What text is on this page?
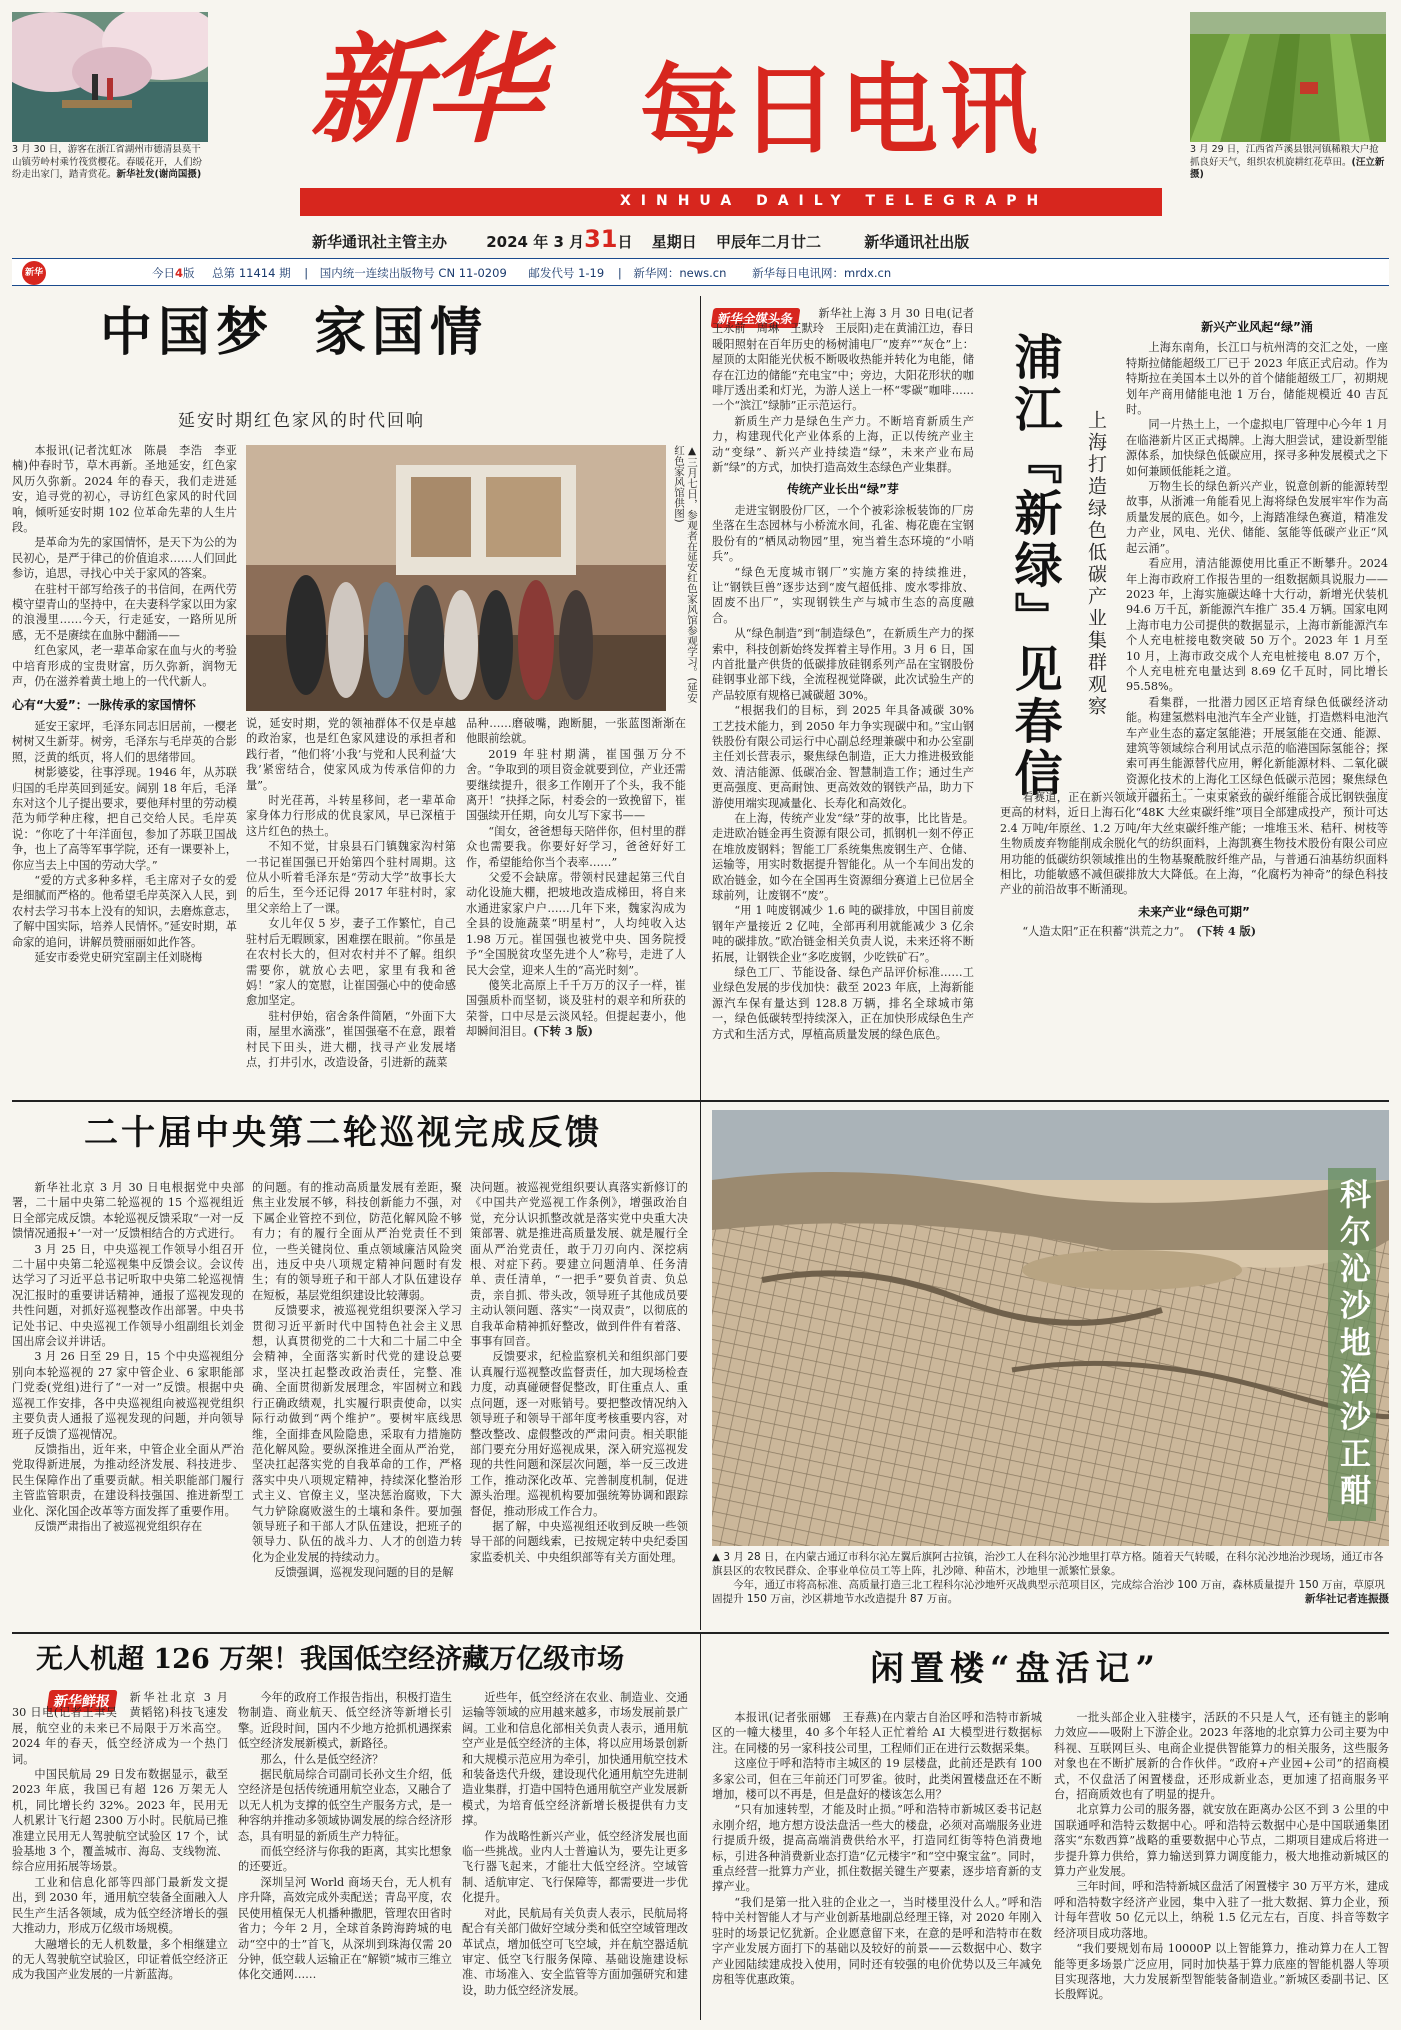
3 月 30 日，游客在浙江省湖州市德清县莫干山镇劳岭村乘竹筏赏樱花。春暖花开，人们纷纷走出家门，踏青赏花。新华社发(谢尚国摄)
3 月 29 日，江西省芦溪县银河镇稀粮大户抢抓良好天气，组织农机旋耕红花草田。(汪立新摄)
新华 每日电讯
XINHUA DAILY TELEGRAPH
新华通讯社主管主办	2024 年 3 月31日 星期日 甲辰年二月廿二	新华通讯社出版
新华	今日4版 总第 11414 期 | 国内统一连续出版物号 CN 11-0209 邮发代号 1-19 | 新华网：news.cn 新华每日电讯网：mrdx.cn
中国梦 家国情
延安时期红色家风的时代回响

本报讯(记者沈虹冰　陈晨　李浩　李亚楠)仲春时节，草木再新。圣地延安，红色家风历久弥新。2024 年的春天，我们走进延安，追寻党的初心，寻访红色家风的时代回响，倾听延安时期 102 位革命先辈的人生片段。

是革命为先的家国情怀，是天下为公的为民初心，是严于律己的价值追求……人们回此参访，追思，寻找心中关于家风的答案。

在驻村干部写给孩子的书信间，在两代劳模守望青山的坚持中，在夫妻科学家以田为家的浪漫里……今天，行走延安，一路所见所感，无不是赓续在血脉中翻涌——

红色家风，老一辈革命家在血与火的考验中培育形成的宝贵财富，历久弥新，润物无声，仍在滋养着黄土地上的一代代新人。

心有“大爱”：一脉传承的家国情怀

延安王家坪，毛泽东同志旧居前，一樱老树树又生新芽。树旁，毛泽东与毛岸英的合影照，泛黄的纸页，将人们的思绪带回。

树影婆娑，往事浮现。1946 年，从苏联归国的毛岸英回到延安。阔别 18 年后，毛泽东对这个儿子提出要求，要他拜村里的劳动模范为师学种庄稼，把自己交给人民。毛岸英说：“你吃了十年洋面包，参加了苏联卫国战争，也上了高等军事学院，还有一课要补上，你应当去上中国的劳动大学。”

“爱的方式多种多样，毛主席对子女的爱是细腻而严格的。他希望毛岸英深入人民，到农村去学习书本上没有的知识，去磨炼意志，了解中国实际，培养人民情怀。”延安时期，革命家的追问，讲解员赞丽丽如此作答。

延安市委党史研究室副主任刘晓梅

▲三月七日，参观者在延安红色家风馆参观学习。(延安红色家风馆供图)

说，延安时期，党的领袖群体不仅是卓越的政治家，也是红色家风建设的承担者和践行者，“他们将‘小我’与党和人民利益‘大我’紧密结合，使家风成为传承信仰的力量”。

时光荏苒，斗转星移间，老一辈革命家身体力行形成的优良家风，早已深植于这片红色的热土。

不知不觉，甘泉县石门镇魏家沟村第一书记崔国强已开始第四个驻村周期。这位从小听着毛泽东是“劳动大学”故事长大的后生，至今还记得 2017 年驻村时，家里父亲给上了一课。

女儿年仅 5 岁，妻子工作繁忙，自己驻村后无暇顾家，困难摆在眼前。“你虽是在农村长大的，但对农村并不了解。组织需要你，就放心去吧，家里有我和爸妈！”家人的宽慰，让崔国强心中的使命感愈加坚定。

驻村伊始，宿舍条件简陋，“外面下大雨，屋里水滴涨”，崔国强毫不在意，跟着村民下田头，进大棚，找寻产业发展堵点，打井引水，改造设备，引进新的蔬菜

品种……磨破嘴，跑断腿，一张蓝图渐渐在他眼前绘就。

2019 年驻村期满，崔国强万分不舍。“争取到的项目资金就要到位，产业还需要继续提升，很多工作刚开了个头，我不能离开！”抉择之际，村委会的一致挽留下，崔国强续开任期，向女儿写下家书——

“闺女，爸爸想每天陪伴你，但村里的群众也需要我。你要好好学习，爸爸好好工作，希望能给你当个表率……”

父爱不会缺席。带领村民建起第三代自动化设施大棚，把坡地改造成梯田，将自来水通进家家户户……几年下来，魏家沟成为全县的设施蔬菜“明星村”，人均纯收入达 1.98 万元。崔国强也被党中央、国务院授予“全国脱贫攻坚先进个人”称号，走进了人民大会堂，迎来人生的“高光时刻”。

傻笑北高原上千千万万的汉子一样，崔国强质朴而坚韧，谈及驻村的艰辛和所获的荣誉，口中尽是云淡风轻。但提起妻小，他却瞬间泪目。(下转 3 版)

新华全媒头条	新华社上海 3 月 30 日电(记者王永前　周琳　王默玲　王辰阳)走在黄浦江边，春日暖阳照射在百年历史的杨树浦电厂“废弃”“灰仓”上：屋顶的太阳能光伏板不断吸收热能并转化为电能，储存在江边的储能“充电宝”中；旁边，大阳花形状的咖啡厅透出柔和灯光，为游人送上一杯“零碳”咖啡……一个“滨江”绿肺”正示范运行。

新质生产力是绿色生产力。不断培育新质生产力，构建现代化产业体系的上海，正以传统产业主动“变绿”、新兴产业持续造“绿”，未来产业布局新“绿”的方式，加快打造高效生态绿色产业集群。

传统产业长出“绿”芽

走进宝钢股份厂区，一个个被彩涂板装饰的厂房坐落在生态园林与小桥流水间，孔雀、梅花鹿在宝钢股份有的“栖凤动物园”里，宛当着生态环境的“小哨兵”。

“绿色无度城市钢厂”实施方案的持续推进，让“钢铁巨兽”逐步达到“废气超低排、废水零排放、固废不出厂”，实现钢铁生产与城市生态的高度融合。

从“绿色制造”到“制造绿色”，在新质生产力的探索中，科技创新始终发挥着主导作用。3 月 6 日，国内首批量产供货的低碳排放硅钢系列产品在宝钢股份硅钢事业部下线，全流程视觉降碳，此次试验生产的产品较原有规格已减碳超 30%。

“根据我们的目标，到 2025 年具备减碳 30% 工艺技术能力，到 2050 年力争实现碳中和。”宝山钢铁股份有限公司运行中心副总经理兼碳中和办公室副主任刘长营表示，聚焦绿色制造，正大力推进极致能效、清洁能源、低碳冶金、智慧制造工作；通过生产更高强度、更高耐蚀、更高效效的钢铁产品，助力下游使用端实现减量化、长寿化和高效化。

在上海，传统产业发“绿”芽的故事，比比皆是。走进欧冶链金再生资源有限公司，抓钢机一刻不停正在堆放废钢料；智能工厂系统集焦废钢生产、仓储、运输等，用实时数据提升智能化。从一个车间出发的欧冶链金，如今在全国再生资源细分赛道上已位居全球前列，让废钢不“废”。

“用 1 吨废钢减少 1.6 吨的碳排放，中国目前废钢年产量接近 2 亿吨，全部再利用就能减少 3 亿余吨的碳排放。”欧冶链金相关负责人说，未来还将不断拓展，让钢铁企业“多吃废钢，少吃铁矿石”。

绿色工厂、节能设备、绿色产品评价标准……工业绿色发展的步伐加快：截至 2023 年底，上海新能源汽车保有量达到 128.8 万辆，排名全球城市第一，绿色低碳转型持续深入，正在加快形成绿色生产方式和生活方式，厚植高质量发展的绿色底色。

浦江『新绿』见春信 上海打造绿色低碳产业集群观察
新兴产业风起“绿”涌

上海东南角，长江口与杭州湾的交汇之处，一座特斯拉储能超级工厂已于 2023 年底正式启动。作为特斯拉在美国本土以外的首个储能超级工厂，初期规划年产商用储能电池 1 万台，储能规模近 40 吉瓦时。

同一片热土上，一个虚拟电厂管理中心今年 1 月在临港新片区正式揭牌。上海大胆尝试，建设新型能源体系，加快绿色低碳应用，探寻多种发展模式之下如何兼顾低能耗之道。

万物生长的绿色新兴产业，锐意创新的能源转型故事，从浙滩一角能看见上海将绿色发展牢牢作为高质量发展的底色。如今，上海踏准绿色赛道，精准发力产业，风电、光伏、储能、氢能等低碳产业正“风起云涌”。

看应用，清洁能源使用比重正不断攀升。2024 年上海市政府工作报告里的一组数据颇具说服力——2023 年，上海实施碳达峰十大行动，新增光伏装机 94.6 万千瓦，新能源汽车推广 35.4 万辆。国家电网上海市电力公司提供的数据显示，上海市新能源汽车个人充电桩接电数突破 50 万个。2023 年 1 月至 10 月，上海市政交成个人充电桩接电 8.07 万个，个人充电桩充电量达到 8.69 亿千瓦时，同比增长 95.58%。

看集群，一批潜力园区正培育绿色低碳经济动能。构建氢燃料电池汽车全产业链，打造燃料电池汽车产业生态的嘉定氢能港；开展氢能在交通、能源、建筑等领域综合利用试点示范的临港国际氢能谷；探索可再生能源替代应用，孵化新能源材料、二氧化碳资源化技术的上海化工区绿色低碳示范园；聚焦绿色

看赛道，正在新兴领域开疆拓土。一束束紧致的碳纤维能合成比钢铁强度更高的材料，近日上海石化“48K 大丝束碳纤维”项目全部建成投产，预计可达 2.4 万吨/年原丝、1.2 万吨/年大丝束碳纤维产能；一堆堆玉米、秸秆、树枝等生物质废弃物能削成余脱化气的纺织面料，上海凯赛生物技术股份有限公司应用功能的低碳纺织领域推出的生物基聚酰胺纤维产品，与普通石油基纺织面料相比，功能敏感不减但碳排放大大降低。在上海，“化腐朽为神奇”的绿色科技产业的前沿故事不断涌现。

未来产业“绿色可期”

“人造太阳”正在积蓄“洪荒之力”。　 (下转 4 版)

二十届中央第二轮巡视完成反馈

新华社北京 3 月 30 日电根据党中央部署，二十届中央第二轮巡视的 15 个巡视组近日全部完成反馈。本轮巡视反馈采取“一对一反馈情况通报+‘一对一’反馈相结合的方式进行。

3 月 25 日，中央巡视工作领导小组召开二十届中央第二轮巡视集中反馈会议。会议传达学习了习近平总书记听取中央第二轮巡视情况汇报时的重要讲话精神，通报了巡视发现的共性问题，对抓好巡视整改作出部署。中央书记处书记、中央巡视工作领导小组副组长刘金国出席会议并讲话。

3 月 26 日至 29 日，15 个中央巡视组分别向本轮巡视的 27 家中管企业、6 家职能部门党委(党组)进行了“一对一”反馈。根据中央巡视工作安排，各中央巡视组向被巡视党组织主要负责人通报了巡视发现的问题，并向领导班子反馈了巡视情况。

反馈指出，近年来，中管企业全面从严治党取得新进展，为推动经济发展、科技进步、民生保障作出了重要贡献。相关职能部门履行主管监管职责，在建设科技强国、推进新型工业化、深化国企改革等方面发挥了重要作用。

反馈严肃指出了被巡视党组织存在

的问题。有的推动高质量发展有差距，聚焦主业发展不够，科技创新能力不强，对下属企业管控不到位，防范化解风险不够有力；有的履行全面从严治党责任不到位，一些关键岗位、重点领域廉洁风险突出，违反中央八项规定精神问题时有发生；有的领导班子和干部人才队伍建设存在短板，基层党组织建设比较薄弱。

反馈要求，被巡视党组织要深入学习贯彻习近平新时代中国特色社会主义思想，认真贯彻党的二十大和二十届二中全会精神，全面落实新时代党的建设总要求，坚决扛起整改政治责任，完整、准确、全面贯彻新发展理念，牢固树立和践行正确政绩观，扎实履行职责使命，以实际行动做到“两个维护”。要树牢底线思维，全面排查风险隐患，采取有力措施防范化解风险。要纵深推进全面从严治党，坚决扛起落实党的自我革命的工作，严格落实中央八项规定精神，持续深化整治形式主义、官僚主义，坚决惩治腐败，下大气力铲除腐败滋生的土壤和条件。要加强领导班子和干部人才队伍建设，把班子的领导力、队伍的战斗力、人才的创造力转化为企业发展的持续动力。

反馈强调，巡视发现问题的目的是解

决问题。被巡视党组织要认真落实新修订的《中国共产党巡视工作条例》，增强政治自觉，充分认识抓整改就是落实党中央重大决策部署、就是推进高质量发展、就是履行全面从严治党责任，敢于刀刃向内、深挖病根、对症下药。要建立问题清单、任务清单、责任清单，“一把手”要负首责、负总责，亲自抓、带头改，领导班子其他成员要主动认领问题、落实“一岗双责”，以彻底的自我革命精神抓好整改，做到件件有着落、事事有回音。

反馈要求，纪检监察机关和组织部门要认真履行巡视整改监督责任，加大现场检查力度，动真碰硬督促整改，盯住重点人、重点问题，逐一对账销号。要把整改情况纳入领导班子和领导干部年度考核重要内容，对整改整改、虚假整改的严肃问责。相关职能部门要充分用好巡视成果，深入研究巡视发现的共性问题和深层次问题，举一反三改进工作，推动深化改革、完善制度机制，促进源头治理。巡视机构要加强统筹协调和跟踪督促，推动形成工作合力。

据了解，中央巡视组还收到反映一些领导干部的问题线索，已按规定转中央纪委国家监委机关、中央组织部等有关方面处理。

科尔沁沙地治沙正酣
▲ 3 月 28 日，在内蒙古通辽市科尔沁左翼后旗阿古拉镇，治沙工人在科尔沁沙地里打草方格。随着天气转暖，在科尔沁沙地治沙现场，通辽市各旗县区的农牧民群众、企事业单位员工等上阵，扎沙障、种苗木，沙地里一派繁忙景象。
今年，通辽市将高标准、高质量打造三北工程科尔沁沙地歼灭战典型示范项目区，完成综合治沙 100 万亩，森林质量提升 150 万亩，草原巩固提升 150 万亩，沙区耕地节水改造提升 87 万亩。	新华社记者连振摄
无人机超 126 万架！我国低空经济藏万亿级市场
新华鲜报	新华社北京 3 月 30 日电(记者王聿昊　黄韬铭)科技飞速发展，航空业的未来已不局限于万米高空。2024 年的春天，低空经济成为一个热门词。

中国民航局 29 日发布数据显示，截至 2023 年底，我国已有超 126 万架无人机，同比增长约 32%。2023 年，民用无人机累计飞行超 2300 万小时。民航局已推准建立民用无人驾驶航空试验区 17 个，试验基地 3 个，覆盖城市、海岛、支线物流、综合应用拓展等场景。

工业和信息化部等四部门最新发文提出，到 2030 年，通用航空装备全面融入人民生产生活各领域，成为低空经济增长的强大推动力，形成万亿级市场规模。

大融增长的无人机数量，多个相继建立的无人驾驶航空试验区，印证着低空经济正成为我国产业发展的一片新蓝海。

今年的政府工作报告指出，积极打造生物制造、商业航天、低空经济等新增长引擎。近段时间，国内不少地方抢抓机遇探索低空经济发展新模式，新路径。

那么，什么是低空经济？

据民航局综合司副司长孙文生介绍，低空经济是包括传统通用航空业态，又融合了以无人机为支撑的低空生产服务方式，是一种容纳并推动多领域协调发展的综合经济形态，具有明显的新质生产力特征。

而低空经济与你我的距离，其实比想象的还要近。

深圳呈河 World 商场天台，无人机有序升降，高效完成外卖配送；青岛平度，农民使用植保无人机播种撒肥，管理农田省时省力；今年 2 月，全球首条跨海跨城的电动“空中的士”首飞，从深圳到珠海仅需 20 分钟，低空载人运输正在“解锁”城市三维立体化交通网……

近些年，低空经济在农业、制造业、交通运输等领域的应用越来越多，市场发展前景广阔。工业和信息化部相关负责人表示，通用航空产业是低空经济的主体，将以应用场景创新和大规模示范应用为牵引，加快通用航空技术和装备迭代升级，建设现代化通用航空先进制造业集群，打造中国特色通用航空产业发展新模式，为培育低空经济新增长极提供有力支撑。

作为战略性新兴产业，低空经济发展也面临一些挑战。业内人士普遍认为，要先让更多飞行器飞起来，才能壮大低空经济。空域管制、适航审定、飞行保障等，都需要进一步优化提升。

对此，民航局有关负责人表示，民航局将配合有关部门做好空域分类和低空空域管理改革试点，增加低空可飞空域，并在航空器适航审定、低空飞行服务保障、基础设施建设标准、市场准入、安全监管等方面加强研究和建设，助力低空经济发展。

闲置楼“盘活记”

本报讯(记者张丽娜　王春燕)在内蒙古自治区呼和浩特市新城区的一幢大楼里，40 多个年轻人正忙着给 AI 大模型进行数据标注。在同楼的另一家科技公司里，工程师们正在进行云数据采集。

这座位于呼和浩特市主城区的 19 层楼盘，此前还是跌有 100 多家公司，但在三年前还门可罗雀。彼时，此类闲置楼盘还在不断增加，楼可以不再是，但是盘好的楼该怎么用？

“只有加速转型，才能及时止损。”呼和浩特市新城区委书记赵永刚介绍，地方想方设法盘活一些大的楼盘，必须对高端服务业进行提质升级，提高高端消费供给水平，打造同红街等特色消费地标，引进各种消费新业态打造“亿元楼宇”和“空中聚宝盆”。同时，重点经营一批算力产业，抓住数据关键生产要素，逐步培育新的支撑产业。

“我们是第一批入驻的企业之一，当时楼里没什么人。”呼和浩特中关村智能人才与产业创新基地副总经理王锋，对 2020 年刚入驻时的场景记忆犹新。企业愿意留下来，在意的是呼和浩特市在数字产业发展方面打下的基础以及较好的前景——云数据中心、数字产业园陆续建成投入使用，同时还有较强的电价优势以及三年减免房租等优惠政策。

一批头部企业入驻楼宇，活跃的不只是人气，还有链主的影响力效应——吸附上下游企业。2023 年落地的北京算力公司主要为中科视、互联网巨头、电商企业提供智能算力的相关服务，这些服务对象也在不断扩展新的合作伙伴。“政府+产业园+公司”的招商模式，不仅盘活了闲置楼盘，还形成新业态，更加速了招商服务平台，招商质效也有了明显的提升。

北京算力公司的服务器，就安放在距离办公区不到 3 公里的中国联通呼和浩特云数据中心。呼和浩特云数据中心是中国联通集团落实“东数西算”战略的重要数据中心节点，二期项目建成后将进一步提升算力供给，算力输送到算力调度能力，极大地推动新城区的算力产业发展。

三年时间，呼和浩特新城区盘活了闲置楼宇 30 万平方米，建成呼和浩特数字经济产业园，集中入驻了一批大数据、算力企业，预计每年营收 50 亿元以上，纳税 1.5 亿元左右，百度、抖音等数字经济项目成功落地。

“我们要规划布局 10000P 以上智能算力，推动算力在人工智能等更多场景广泛应用，同时加快基于算力底座的智能机器人等项目实现落地，大力发展新型智能装备制造业。”新城区委副书记、区长殷辉说。
